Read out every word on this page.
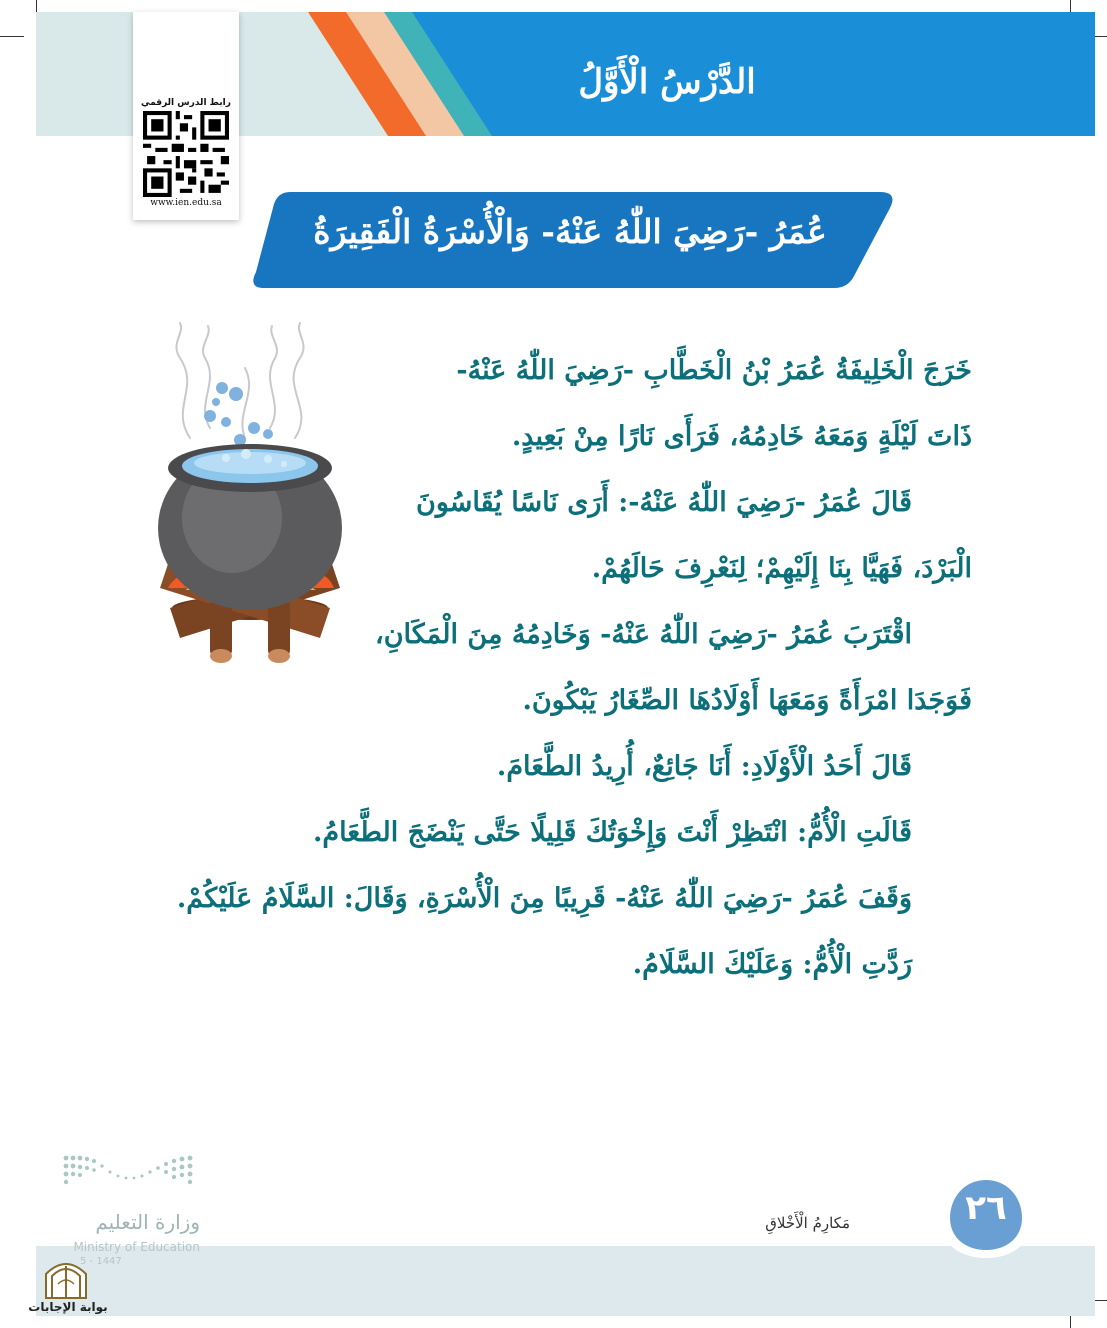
الدَّرْسُ الْأَوَّلُ
رابط الدرس الرقمي
www.ien.edu.sa
عُمَرُ -رَضِيَ اللّٰهُ عَنْهُ- وَالْأُسْرَةُ الْفَقِيرَةُ
خَرَجَ الْخَلِيفَةُ عُمَرُ بْنُ الْخَطَّابِ -رَضِيَ اللّٰهُ عَنْهُ-
ذَاتَ لَيْلَةٍ وَمَعَهُ خَادِمُهُ، فَرَأَى نَارًا مِنْ بَعِيدٍ.
قَالَ عُمَرُ -رَضِيَ اللّٰهُ عَنْهُ-: أَرَى نَاسًا يُقَاسُونَ
الْبَرْدَ، فَهَيَّا بِنَا إِلَيْهِمْ؛ لِنَعْرِفَ حَالَهُمْ.
اقْتَرَبَ عُمَرُ -رَضِيَ اللّٰهُ عَنْهُ- وَخَادِمُهُ مِنَ الْمَكَانِ،
فَوَجَدَا امْرَأَةً وَمَعَهَا أَوْلَادُهَا الصِّغَارُ يَبْكُونَ.
قَالَ أَحَدُ الْأَوْلَادِ: أَنَا جَائِعٌ، أُرِيدُ الطَّعَامَ.
قَالَتِ الْأُمُّ: انْتَظِرْ أَنْتَ وَإِخْوَتُكَ قَلِيلًا حَتَّى يَنْضَجَ الطَّعَامُ.
وَقَفَ عُمَرُ -رَضِيَ اللّٰهُ عَنْهُ- قَرِيبًا مِنَ الْأُسْرَةِ، وَقَالَ: السَّلَامُ عَلَيْكُمْ.
رَدَّتِ الْأُمُّ: وَعَلَيْكَ السَّلَامُ.
٢٦
مَكارِمُ الْأَخْلاقِ
وزارة التعليم
Ministry of Education
5 - 1447
بوابة الإجابات
